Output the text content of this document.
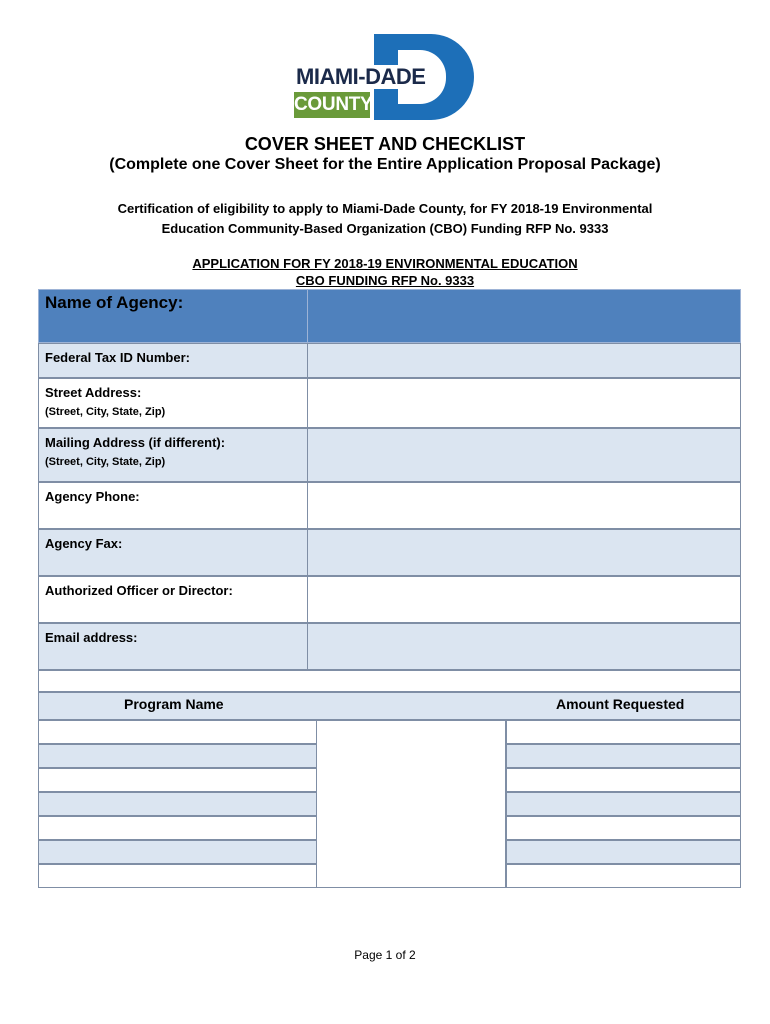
MIAMI-DADE
COUNTY
COVER SHEET AND CHECKLIST
(Complete one Cover Sheet for the Entire Application Proposal Package)
Certification of eligibility to apply to Miami-Dade County, for FY 2018-19 Environmental
Education Community-Based Organization (CBO) Funding RFP No. 9333
APPLICATION FOR FY 2018-19 ENVIRONMENTAL EDUCATION
CBO FUNDING RFP No. 9333
Name of Agency:
Federal Tax ID Number:
Street Address:
(Street, City, State, Zip)
Mailing Address (if different):
(Street, City, State, Zip)
Agency Phone:
Agency Fax:
Authorized Officer or Director:
Email address:
Program Name	Amount Requested
Page 1 of 2
